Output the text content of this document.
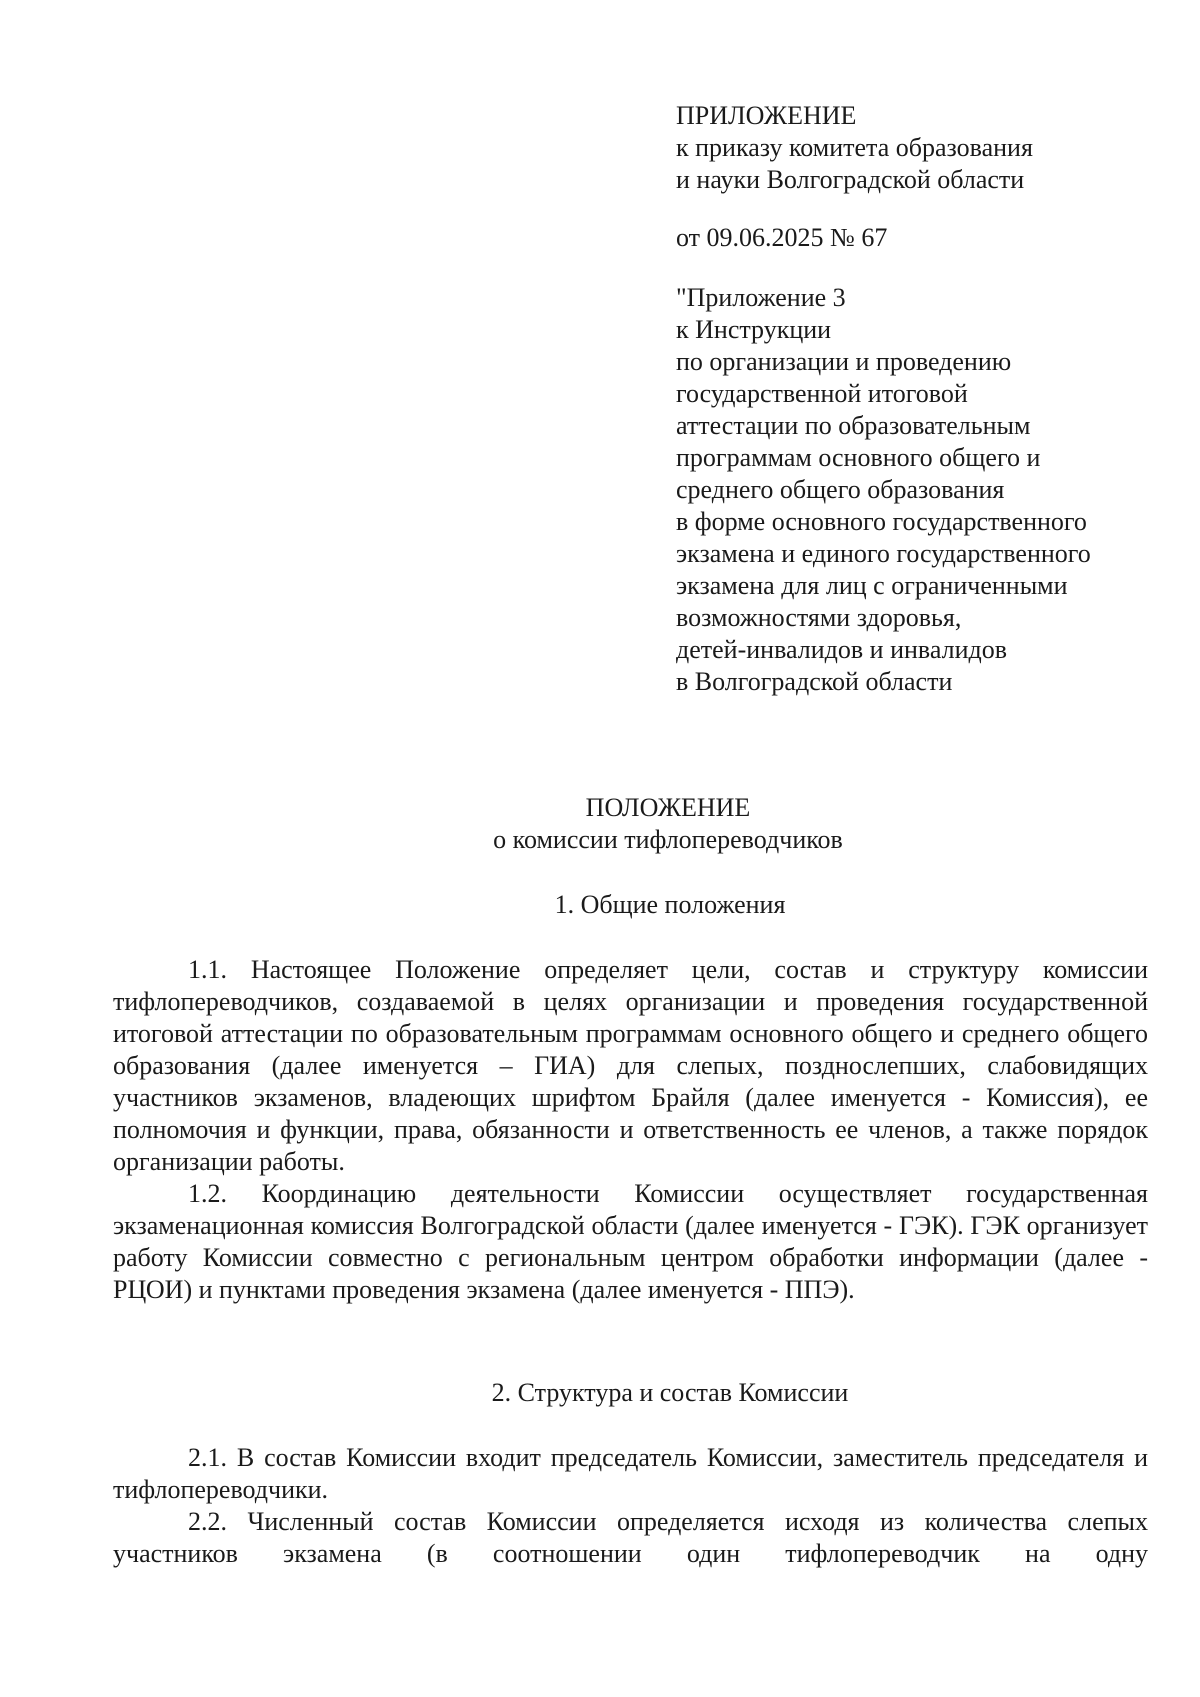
ПРИЛОЖЕНИЕ
к приказу комитета образования
и науки Волгоградской области
от 09.06.2025 № 67
"Приложение 3
к Инструкции
по организации и проведению
государственной итоговой
аттестации по образовательным
программам основного общего и
среднего общего образования
в форме основного государственного
экзамена и единого государственного
экзамена для лиц с ограниченными
возможностями здоровья,
детей-инвалидов и инвалидов
в Волгоградской области
ПОЛОЖЕНИЕ
о комиссии тифлопереводчиков
1. Общие положения

1.1. Настоящее Положение определяет цели, состав и структуру комиссии тифлопереводчиков, создаваемой в целях организации и проведения государственной итоговой аттестации по образовательным программам основного общего и среднего общего образования (далее именуется – ГИА) для слепых, позднослепших, слабовидящих участников экзаменов, владеющих шрифтом Брайля (далее именуется - Комиссия), ее полномочия и функции, права, обязанности и ответственность ее членов, а также порядок организации работы.

1.2. Координацию деятельности Комиссии осуществляет государственная экзаменационная комиссия Волгоградской области (далее именуется - ГЭК). ГЭК организует работу Комиссии совместно с региональным центром обработки информации (далее - РЦОИ) и пунктами проведения экзамена (далее именуется - ППЭ).

2. Структура и состав Комиссии

2.1. В состав Комиссии входит председатель Комиссии, заместитель председателя и тифлопереводчики.

2.2. Численный состав Комиссии определяется исходя из количества слепых участников экзамена (в соотношении один тифлопереводчик на одну
